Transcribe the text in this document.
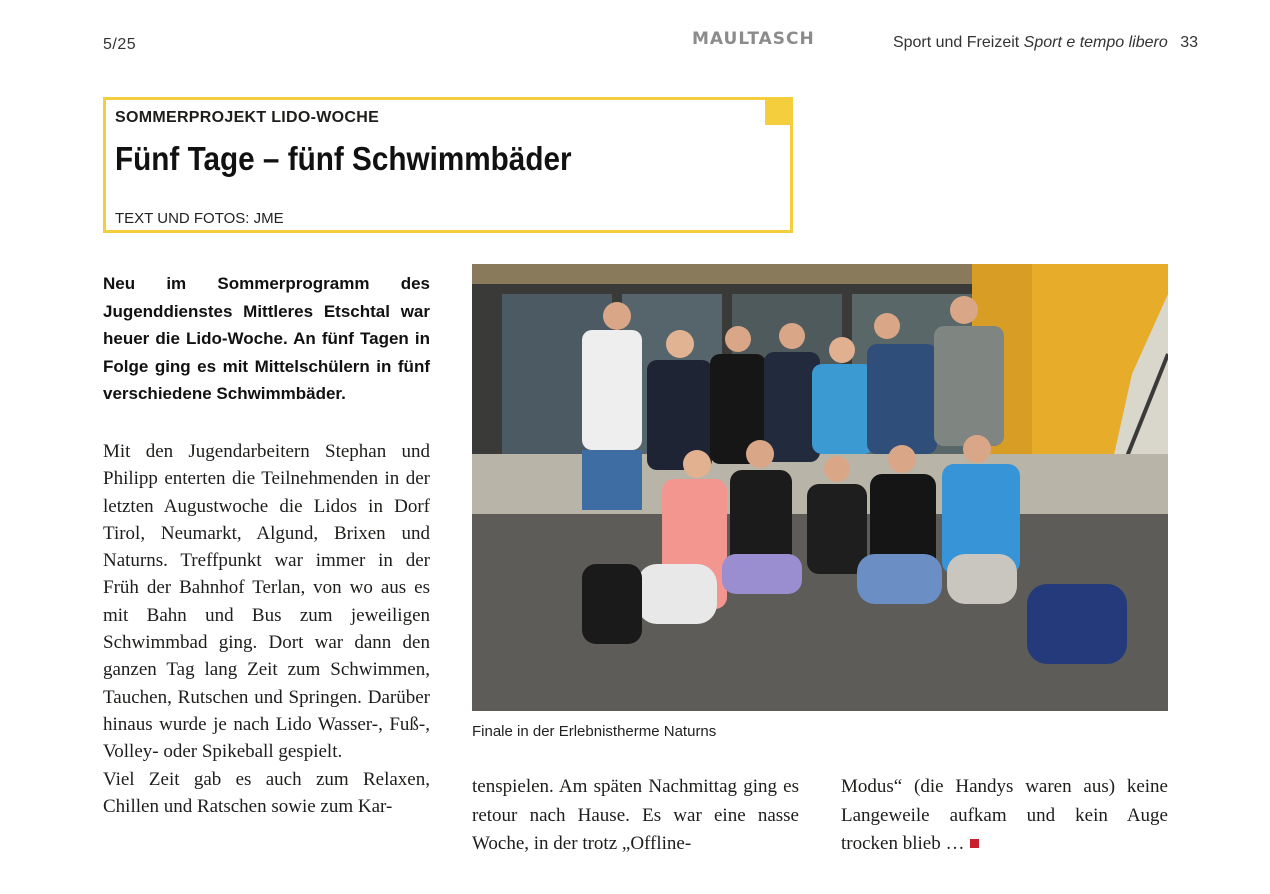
5/25	MAULTASCH	Sport und Freizeit Sport e tempo libero 33
SOMMERPROJEKT LIDO-WOCHE
Fünf Tage – fünf Schwimmbäder
TEXT UND FOTOS: JME
Neu im Sommerprogramm des Jugenddienstes Mittleres Etschtal war heuer die Lido-Woche. An fünf Tagen in Folge ging es mit Mittelschülern in fünf verschiedene Schwimmbäder.

Mit den Jugendarbeitern Stephan und Philipp enterten die Teilnehmenden in der letzten Augustwoche die Lidos in Dorf Tirol, Neumarkt, Algund, Brixen und Naturns. Treffpunkt war immer in der Früh der Bahnhof Terlan, von wo aus es mit Bahn und Bus zum jeweiligen Schwimmbad ging. Dort war dann den ganzen Tag lang Zeit zum Schwimmen, Tauchen, Rutschen und Springen. Darüber hinaus wurde je nach Lido Wasser-, Fuß-, Volley- oder Spikeball gespielt.

Viel Zeit gab es auch zum Relaxen, Chillen und Ratschen sowie zum Kar-

Finale in der Erlebnistherme Naturns
tenspielen. Am späten Nachmittag ging es retour nach Hause. Es war eine nasse Woche, in der trotz „Offline-
Modus“ (die Handys waren aus) keine Langeweile aufkam und kein Auge trocken blieb …
